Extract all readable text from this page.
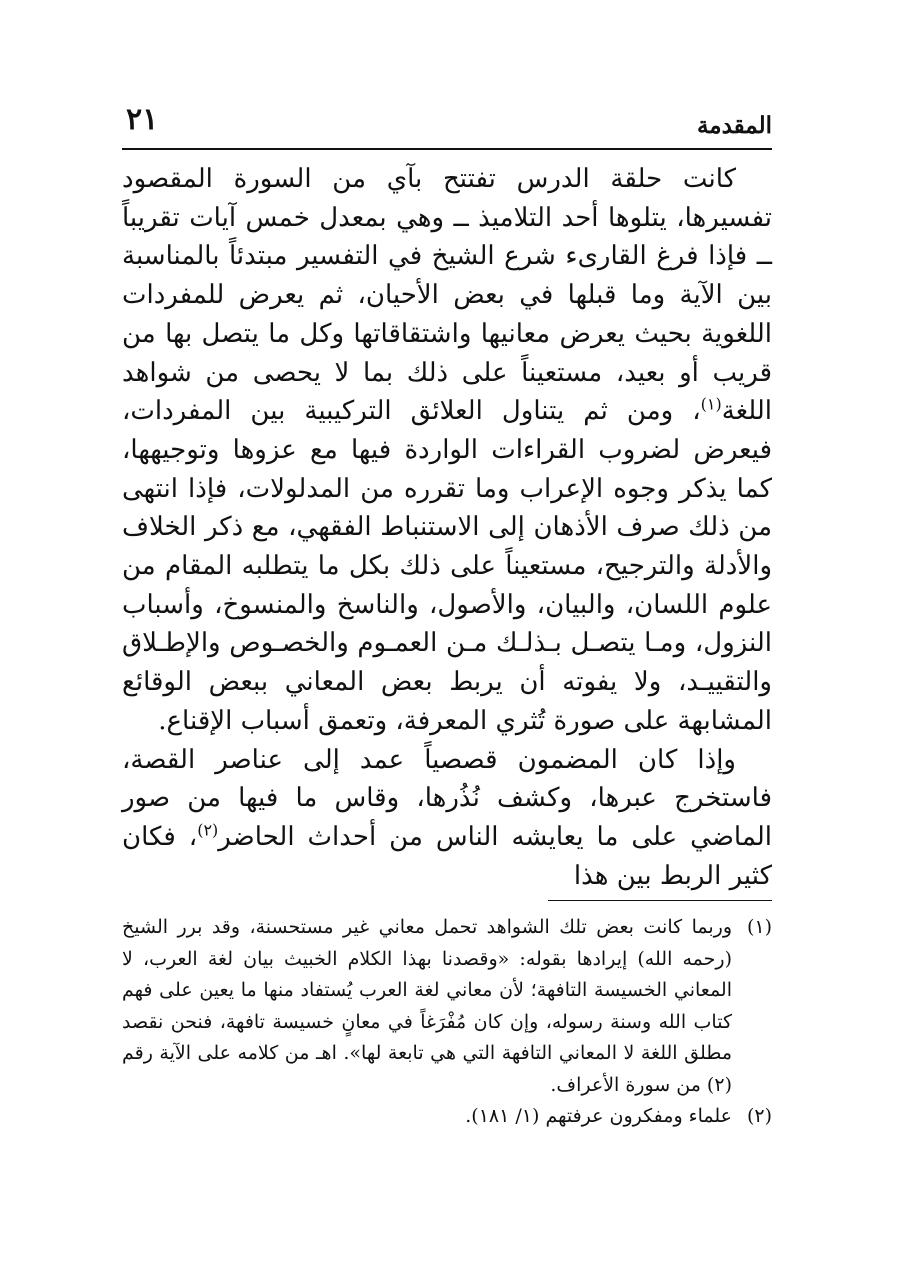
المقدمة
٢١

كانت حلقة الدرس تفتتح بآي من السورة المقصود تفسيرها، يتلوها أحد التلاميذ ــ وهي بمعدل خمس آيات تقريباً ــ فإذا فرغ القارىء شرع الشيخ في التفسير مبتدئاً بالمناسبة بين الآية وما قبلها في بعض الأحيان، ثم يعرض للمفردات اللغوية بحيث يعرض معانيها واشتقاقاتها وكل ما يتصل بها من قريب أو بعيد، مستعيناً على ذلك بما لا يحصى من شواهد اللغة$^{(١)}$، ومن ثم يتناول العلائق التركيبية بين المفردات، فيعرض لضروب القراءات الواردة فيها مع عزوها وتوجيهها، كما يذكر وجوه الإعراب وما تقرره من المدلولات، فإذا انتهى من ذلك صرف الأذهان إلى الاستنباط الفقهي، مع ذكر الخلاف والأدلة والترجيح، مستعيناً على ذلك بكل ما يتطلبه المقام من علوم اللسان، والبيان، والأصول، والناسخ والمنسوخ، وأسباب النزول، ومـا يتصـل بـذلـك مـن العمـوم والخصـوص والإطـلاق والتقييـد، ولا يفوته أن يربط بعض المعاني ببعض الوقائع المشابهة على صورة تُثري المعرفة، وتعمق أسباب الإقناع.

وإذا كان المضمون قصصياً عمد إلى عناصر القصة، فاستخرج عبرها، وكشف نُذُرها، وقاس ما فيها من صور الماضي على ما يعايشه الناس من أحداث الحاضر$^{(٢)}$، فكان كثير الربط بين هذا

(١)
وربما كانت بعض تلك الشواهد تحمل معاني غير مستحسنة، وقد برر الشيخ (رحمه الله) إيرادها بقوله: «وقصدنا بهذا الكلام الخبيث بيان لغة العرب، لا المعاني الخسيسة التافهة؛ لأن معاني لغة العرب يُستفاد منها ما يعين على فهم كتاب الله وسنة رسوله، وإن كان مُفْرَغاً في معانٍ خسيسة تافهة، فنحن نقصد مطلق اللغة لا المعاني التافهة التي هي تابعة لها». اهـ من كلامه على الآية رقم (٢) من سورة الأعراف.
(٢)
علماء ومفكرون عرفتهم (١/ ١٨١).
